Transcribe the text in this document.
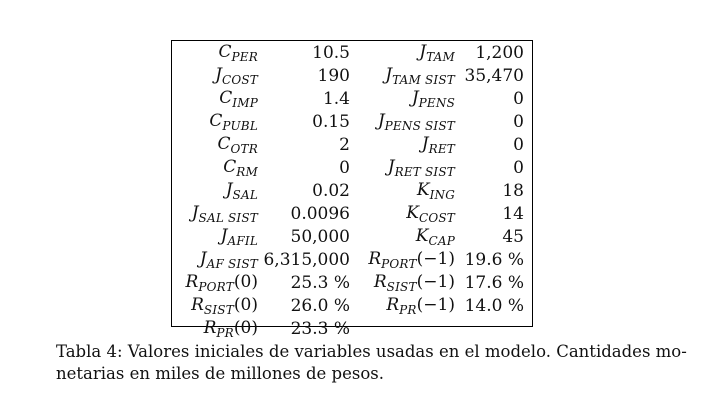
$C_{PER}$	10.5	$J_{TAM}$	1,200
$J_{COST}$	190	$J_{TAM SIST}$	35,470
$C_{IMP}$	1.4	$J_{PENS}$	0
$C_{PUBL}$	0.15	$J_{PENS SIST}$	0
$C_{OTR}$	2	$J_{RET}$	0
$C_{RM}$	0	$J_{RET SIST}$	0
$J_{SAL}$	0.02	$K_{ING}$	18
$J_{SAL SIST}$	0.0096	$K_{COST}$	14
$J_{AFIL}$	50,000	$K_{CAP}$	45
$J_{AF SIST}$	6,315,000	$R_{PORT}(-1)$	19.6 %
$R_{PORT}(0)$	25.3 %	$R_{SIST}(-1)$	17.6 %
$R_{SIST}(0)$	26.0 %	$R_{PR}(-1)$	14.0 %
$R_{PR}(0)$	23.3 %		
Tabla 4: Valores iniciales de variables usadas en el modelo. Cantidades mo-
netarias en miles de millones de pesos.
